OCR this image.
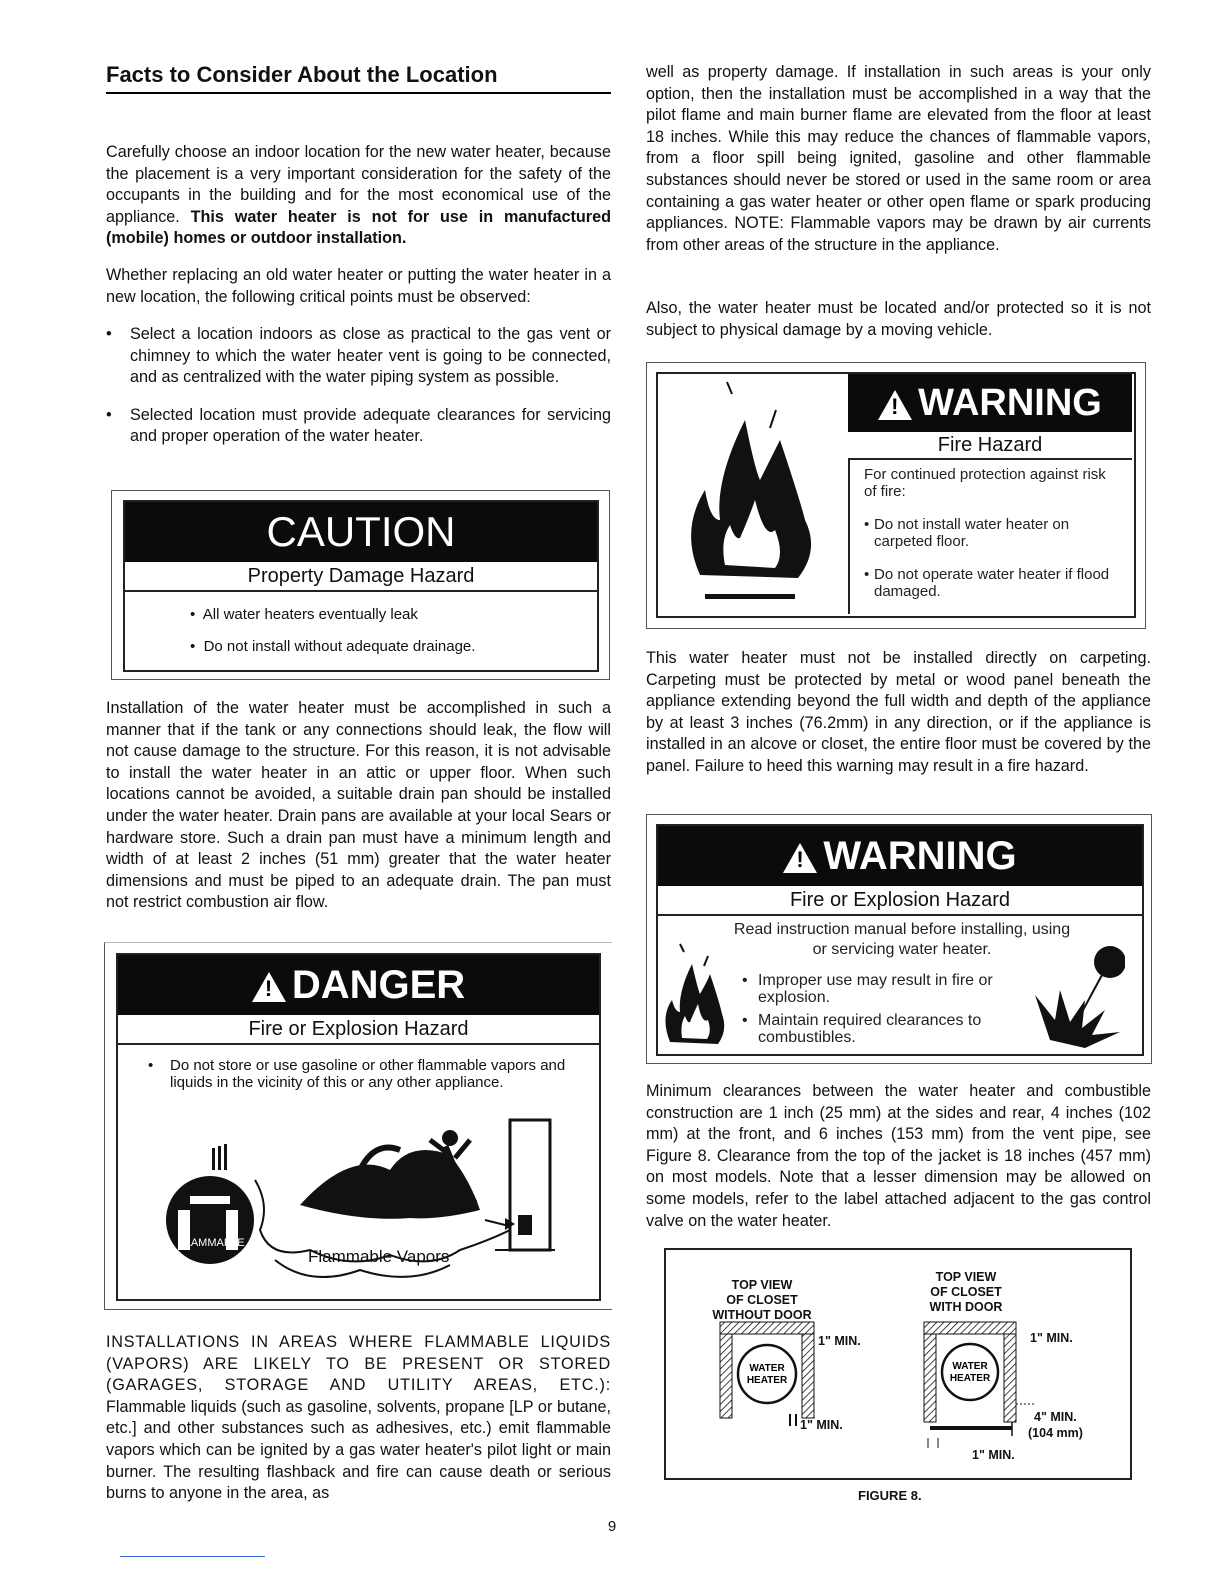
Facts to Consider About the Location

Carefully choose an indoor location for the new water heater, because the placement is a very important consideration for the safety of the occupants in the building and for the most economical use of the appliance. This water heater is not for use in manufactured (mobile) homes or outdoor installation.

Whether replacing an old water heater or putting the water heater in a new location, the following critical points must be observed:

• Select a location indoors as close as practical to the gas vent or chimney to which the water heater vent is going to be connected, and as centralized with the water piping system as possible.
• Selected location must provide adequate clearances for servicing and proper operation of the water heater.
CAUTION
Property Damage Hazard
•  All water heaters eventually leak
•  Do not install without adequate drainage.

Installation of the water heater must be accomplished in such a manner that if the tank or any connections should leak, the flow will not cause damage to the structure. For this reason, it is not advisable to install the water heater in an attic or upper floor. When such locations cannot be avoided, a suitable drain pan should be installed under the water heater. Drain pans are available at your local Sears or hardware store. Such a drain pan must have a minimum length and width of at least 2 inches (51 mm) greater that the water heater dimensions and must be piped to an adequate drain. The pan must not restrict combustion air flow.

! DANGER
Fire or Explosion Hazard
• Do not store or use gasoline or other flammable vapors and liquids in the vicinity of this or any other appliance.
FLAMMABLE
Flammable Vapors

INSTALLATIONS IN AREAS WHERE FLAMMABLE LIQUIDS (VAPORS) ARE LIKELY TO BE PRESENT OR STORED (GARAGES, STORAGE AND UTILITY AREAS, ETC.): Flammable liquids (such as gasoline, solvents, propane [LP or butane, etc.] and other substances such as adhesives, etc.) emit flammable vapors which can be ignited by a gas water heater's pilot light or main burner. The resulting flashback and fire can cause death or serious burns to anyone in the area, as

well as property damage. If installation in such areas is your only option, then the installation must be accomplished in a way that the pilot flame and main burner flame are elevated from the floor at least 18 inches. While this may reduce the chances of flammable vapors, from a floor spill being ignited, gasoline and other flammable substances should never be stored or used in the same room or area containing a gas water heater or other open flame or spark producing appliances. NOTE: Flammable vapors may be drawn by air currents from other areas of the structure in the appliance.

Also, the water heater must be located and/or protected so it is not subject to physical damage by a moving vehicle.

! WARNING
Fire Hazard
For continued protection against risk of fire:
• Do not install water heater on carpeted floor.
• Do not operate water heater if flood damaged.

This water heater must not be installed directly on carpeting. Carpeting must be protected by metal or wood panel beneath the appliance extending beyond the full width and depth of the appliance by at least 3 inches (76.2mm) in any direction, or if the appliance is installed in an alcove or closet, the entire floor must be covered by the panel. Failure to heed this warning may result in a fire hazard.

! WARNING
Fire or Explosion Hazard
Read instruction manual before installing, using or servicing water heater.
• Improper use may result in fire or explosion.
• Maintain required clearances to combustibles.

Minimum clearances between the water heater and combustible construction are 1 inch (25 mm) at the sides and rear, 4 inches (102 mm) at the front, and 6 inches (153 mm) from the vent pipe, see Figure 8. Clearance from the top of the jacket is 18 inches (457 mm) on most models. Note that a lesser dimension may be allowed on some models, refer to the label attached adjacent to the gas control valve on the water heater.

TOP VIEW
OF CLOSET
WITHOUT DOOR
TOP VIEW
OF CLOSET
WITH DOOR
WATER
HEATER
WATER
HEATER
1" MIN.
1" MIN.
1" MIN.
4" MIN.
(104 mm)
1" MIN.
FIGURE 8.
9
